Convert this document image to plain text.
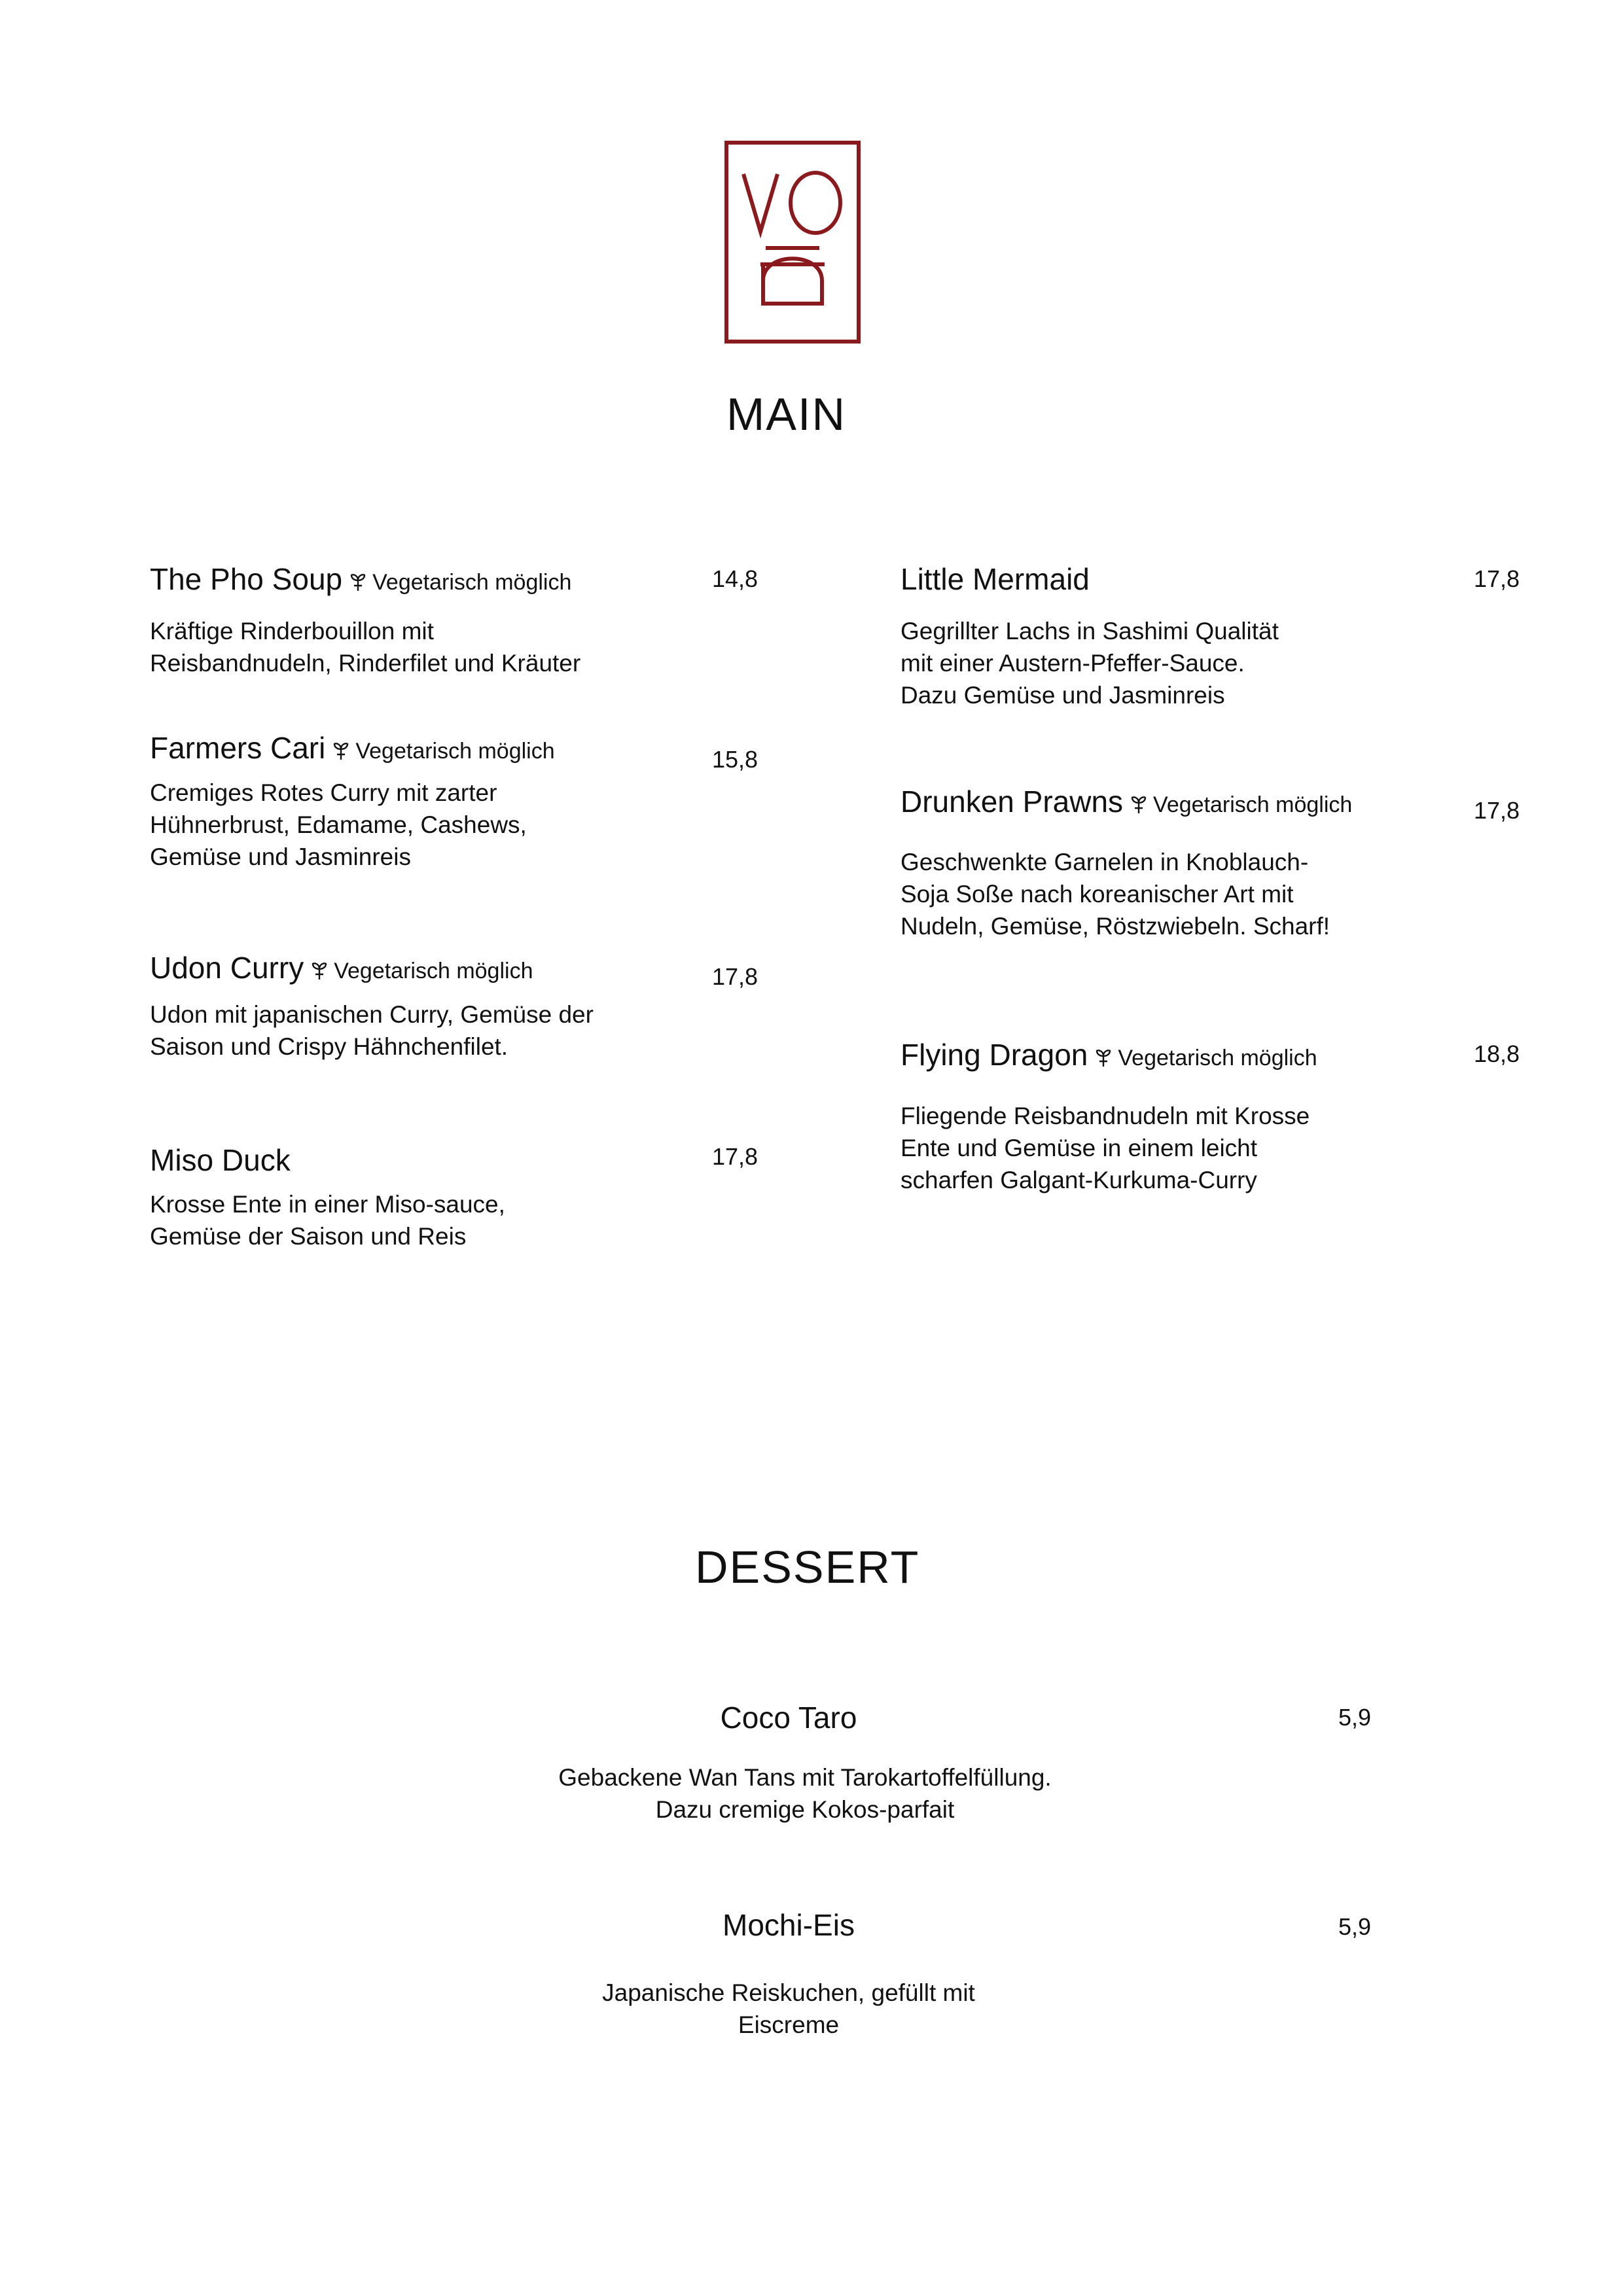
VOD
MAIN
DESSERT
The Pho Soup Vegetarisch möglich	14,8
Kräftige Rinderbouillon mit
Reisbandnudeln, Rinderfilet und Kräuter
Farmers Cari Vegetarisch möglich	15,8
Cremiges Rotes Curry mit zarter
Hühnerbrust, Edamame, Cashews,
Gemüse und Jasminreis
Udon Curry Vegetarisch möglich	17,8
Udon mit japanischen Curry, Gemüse der
Saison und Crispy Hähnchenfilet.
Miso Duck	17,8
Krosse Ente in einer Miso-sauce,
Gemüse der Saison und Reis
Little Mermaid	17,8
Gegrillter Lachs in Sashimi Qualität
mit einer Austern-Pfeffer-Sauce.
Dazu Gemüse und Jasminreis
Drunken Prawns Vegetarisch möglich	17,8
Geschwenkte Garnelen in Knoblauch-
Soja Soße nach koreanischer Art mit
Nudeln, Gemüse, Röstzwiebeln. Scharf!
Flying Dragon Vegetarisch möglich	18,8
Fliegende Reisbandnudeln mit Krosse
Ente und Gemüse in einem leicht
scharfen Galgant-Kurkuma-Curry
Coco Taro	5,9
Gebackene Wan Tans mit Tarokartoffelfüllung.
Dazu cremige Kokos-parfait
Mochi-Eis	5,9
Japanische Reiskuchen, gefüllt mit
Eiscreme
